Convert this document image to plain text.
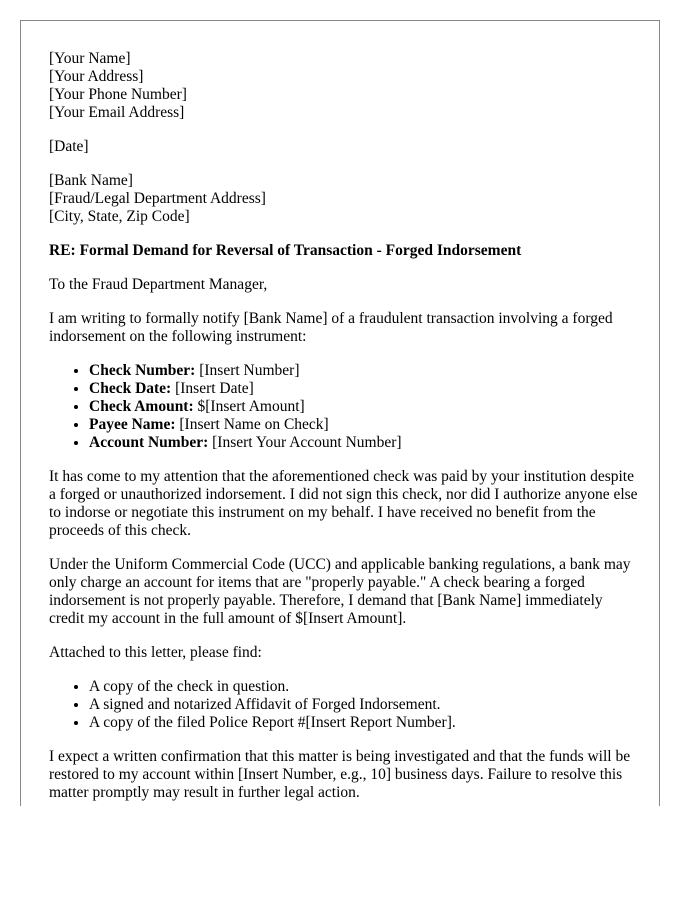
[Your Name]
[Your Address]
[Your Phone Number]
[Your Email Address]
[Date]
[Bank Name]
[Fraud/Legal Department Address]
[City, State, Zip Code]
RE: Formal Demand for Reversal of Transaction - Forged Indorsement

To the Fraud Department Manager,

I am writing to formally notify [Bank Name] of a fraudulent transaction involving a forged indorsement on the following instrument:

• Check Number: [Insert Number]
• Check Date: [Insert Date]
• Check Amount: $[Insert Amount]
• Payee Name: [Insert Name on Check]
• Account Number: [Insert Your Account Number]

It has come to my attention that the aforementioned check was paid by your institution despite a forged or unauthorized indorsement. I did not sign this check, nor did I authorize anyone else to indorse or negotiate this instrument on my behalf. I have received no benefit from the proceeds of this check.

Under the Uniform Commercial Code (UCC) and applicable banking regulations, a bank may only charge an account for items that are "properly payable." A check bearing a forged indorsement is not properly payable. Therefore, I demand that [Bank Name] immediately credit my account in the full amount of $[Insert Amount].

Attached to this letter, please find:

• A copy of the check in question.
• A signed and notarized Affidavit of Forged Indorsement.
• A copy of the filed Police Report #[Insert Report Number].

I expect a written confirmation that this matter is being investigated and that the funds will be restored to my account within [Insert Number, e.g., 10] business days. Failure to resolve this matter promptly may result in further legal action.
